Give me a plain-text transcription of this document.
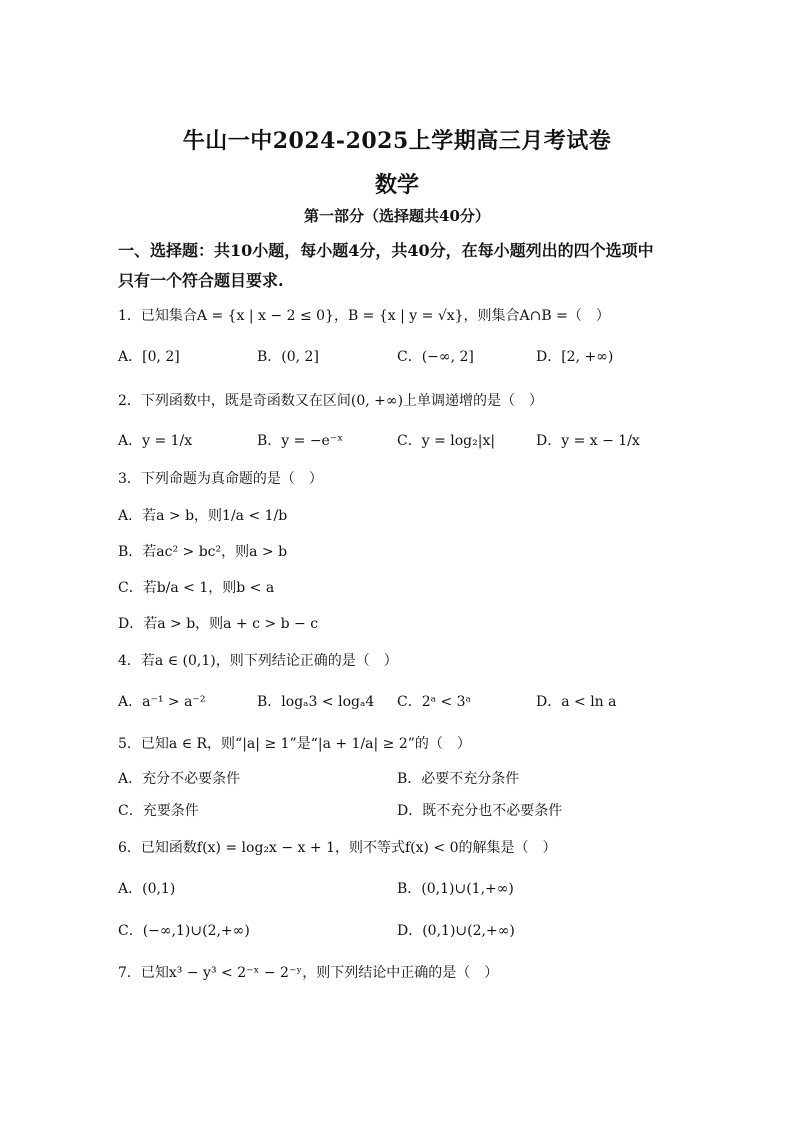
牛山一中2024-2025上学期高三月考试卷
数学
第一部分（选择题共40分）
一、选择题：共10小题，每小题4分，共40分，在每小题列出的四个选项中
只有一个符合题目要求.
1．已知集合A = {x | x − 2 ≤ 0}，B = {x | y = √x}，则集合A∩B =（　）
A．[0, 2]	B．(0, 2]	C．(−∞, 2]	D．[2, +∞)
2．下列函数中，既是奇函数又在区间(0, +∞)上单调递增的是（　）
A．y = 1/x	B．y = −e⁻ˣ	C．y = log₂|x|	D．y = x − 1/x
3．下列命题为真命题的是（　）
A．若a > b，则1/a < 1/b
B．若ac² > bc²，则a > b
C．若b/a < 1，则b < a
D．若a > b，则a + c > b − c
4．若a ∈ (0,1)，则下列结论正确的是（　）
A．a⁻¹ > a⁻²	B．logₐ3 < logₐ4 C．2ᵃ < 3ᵃ	D．a < ln a
5．已知a ∈ R，则“|a| ≥ 1”是“|a + 1/a| ≥ 2”的（　）
A．充分不必要条件	B．必要不充分条件
C．充要条件	D．既不充分也不必要条件
6．已知函数f(x) = log₂x − x + 1，则不等式f(x) < 0的解集是（　）
A．(0,1)	B．(0,1)∪(1,+∞)
C．(−∞,1)∪(2,+∞)	D．(0,1)∪(2,+∞)
7．已知x³ − y³ < 2⁻ˣ − 2⁻ʸ，则下列结论中正确的是（　）
